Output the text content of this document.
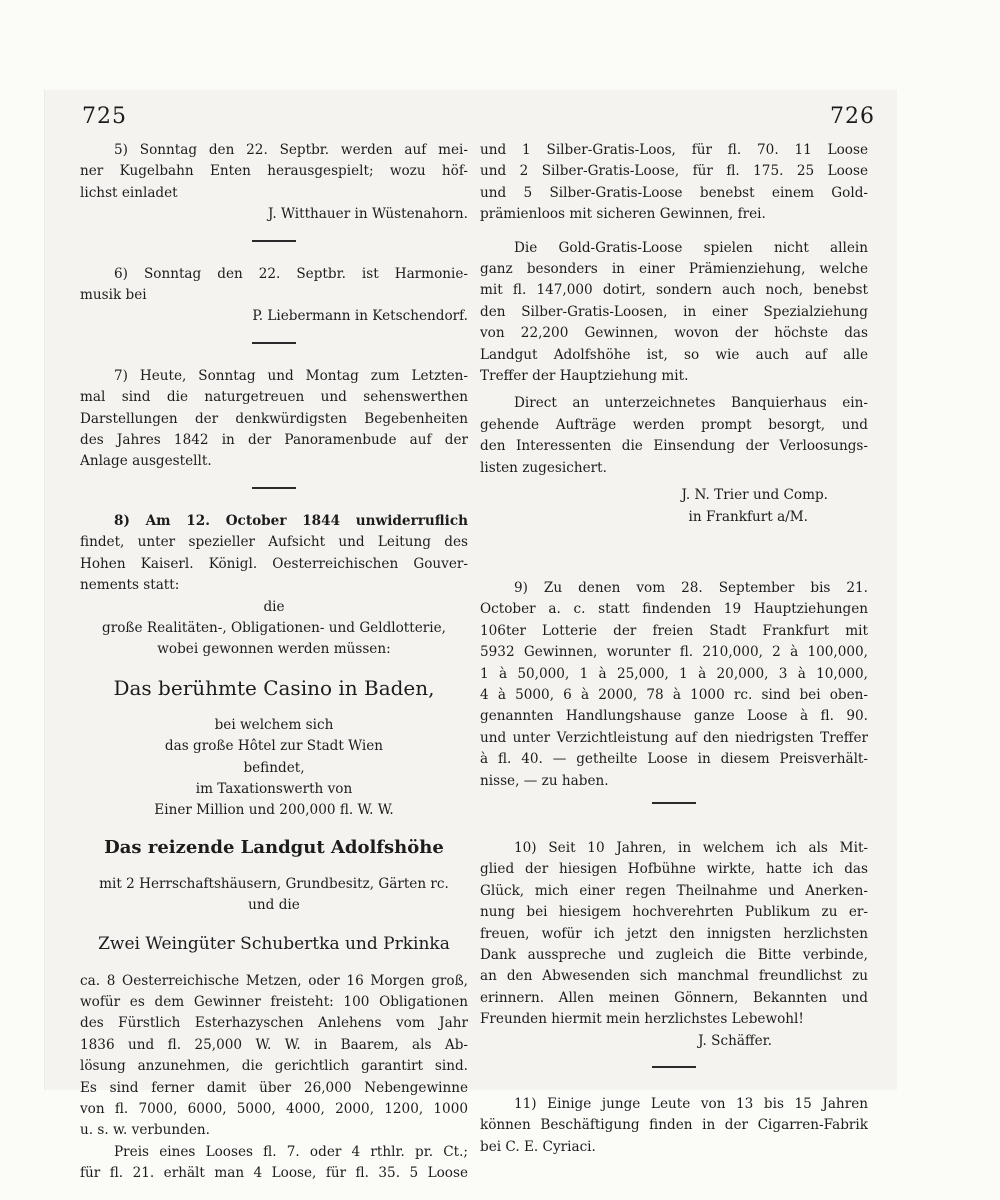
725	726
5) Sonntag den 22. Septbr. werden auf mei-
ner Kugelbahn Enten herausgespielt; wozu höf-
lichst einladet
J. Witthauer in Wüstenahorn.
6) Sonntag den 22. Septbr. ist Harmonie-
musik bei
P. Liebermann in Ketschendorf.
7) Heute, Sonntag und Montag zum Letzten-
mal sind die naturgetreuen und sehenswerthen
Darstellungen der denkwürdigsten Begebenheiten
des Jahres 1842 in der Panoramenbude auf der
Anlage ausgestellt.
8) Am 12. October 1844 unwiderruflich
findet, unter spezieller Aufsicht und Leitung des
Hohen Kaiserl. Königl. Oesterreichischen Gouver-
nements statt:
die
große Realitäten-, Obligationen- und Geldlotterie,
wobei gewonnen werden müssen:
Das berühmte Casino in Baden,
bei welchem sich
das große Hôtel zur Stadt Wien
befindet,
im Taxationswerth von
Einer Million und 200,000 fl. W. W.
Das reizende Landgut Adolfshöhe
mit 2 Herrschaftshäusern, Grundbesitz, Gärten rc.
und die
Zwei Weingüter Schubertka und Prkinka
ca. 8 Oesterreichische Metzen, oder 16 Morgen groß,
wofür es dem Gewinner freisteht: 100 Obligationen
des Fürstlich Esterhazyschen Anlehens vom Jahr
1836 und fl. 25,000 W. W. in Baarem, als Ab-
lösung anzunehmen, die gerichtlich garantirt sind.
Es sind ferner damit über 26,000 Nebengewinne
von fl. 7000, 6000, 5000, 4000, 2000, 1200, 1000
u. s. w. verbunden.
Preis eines Looses fl. 7. oder 4 rthlr. pr. Ct.;
für fl. 21. erhält man 4 Loose, für fl. 35. 5 Loose
und 1 Silber-Gratis-Loos, für fl. 70. 11 Loose
und 2 Silber-Gratis-Loose, für fl. 175. 25 Loose
und 5 Silber-Gratis-Loose benebst einem Gold-
prämienloos mit sicheren Gewinnen, frei.
Die Gold-Gratis-Loose spielen nicht allein
ganz besonders in einer Prämienziehung, welche
mit fl. 147,000 dotirt, sondern auch noch, benebst
den Silber-Gratis-Loosen, in einer Spezialziehung
von 22,200 Gewinnen, wovon der höchste das
Landgut Adolfshöhe ist, so wie auch auf alle
Treffer der Hauptziehung mit.
Direct an unterzeichnetes Banquierhaus ein-
gehende Aufträge werden prompt besorgt, und
den Interessenten die Einsendung der Verloosungs-
listen zugesichert.
J. N. Trier und Comp.
in Frankfurt a/M.
9) Zu denen vom 28. September bis 21.
October a. c. statt findenden 19 Hauptziehungen
106ter Lotterie der freien Stadt Frankfurt mit
5932 Gewinnen, worunter fl. 210,000, 2 à 100,000,
1 à 50,000, 1 à 25,000, 1 à 20,000, 3 à 10,000,
4 à 5000, 6 à 2000, 78 à 1000 rc. sind bei oben-
genannten Handlungshause ganze Loose à fl. 90.
und unter Verzichtleistung auf den niedrigsten Treffer
à fl. 40. — getheilte Loose in diesem Preisverhält-
nisse, — zu haben.
10) Seit 10 Jahren, in welchem ich als Mit-
glied der hiesigen Hofbühne wirkte, hatte ich das
Glück, mich einer regen Theilnahme und Anerken-
nung bei hiesigem hochverehrten Publikum zu er-
freuen, wofür ich jetzt den innigsten herzlichsten
Dank ausspreche und zugleich die Bitte verbinde,
an den Abwesenden sich manchmal freundlichst zu
erinnern. Allen meinen Gönnern, Bekannten und
Freunden hiermit mein herzlichstes Lebewohl!
J. Schäffer.
11) Einige junge Leute von 13 bis 15 Jahren
können Beschäftigung finden in der Cigarren-Fabrik
bei C. E. Cyriaci.
